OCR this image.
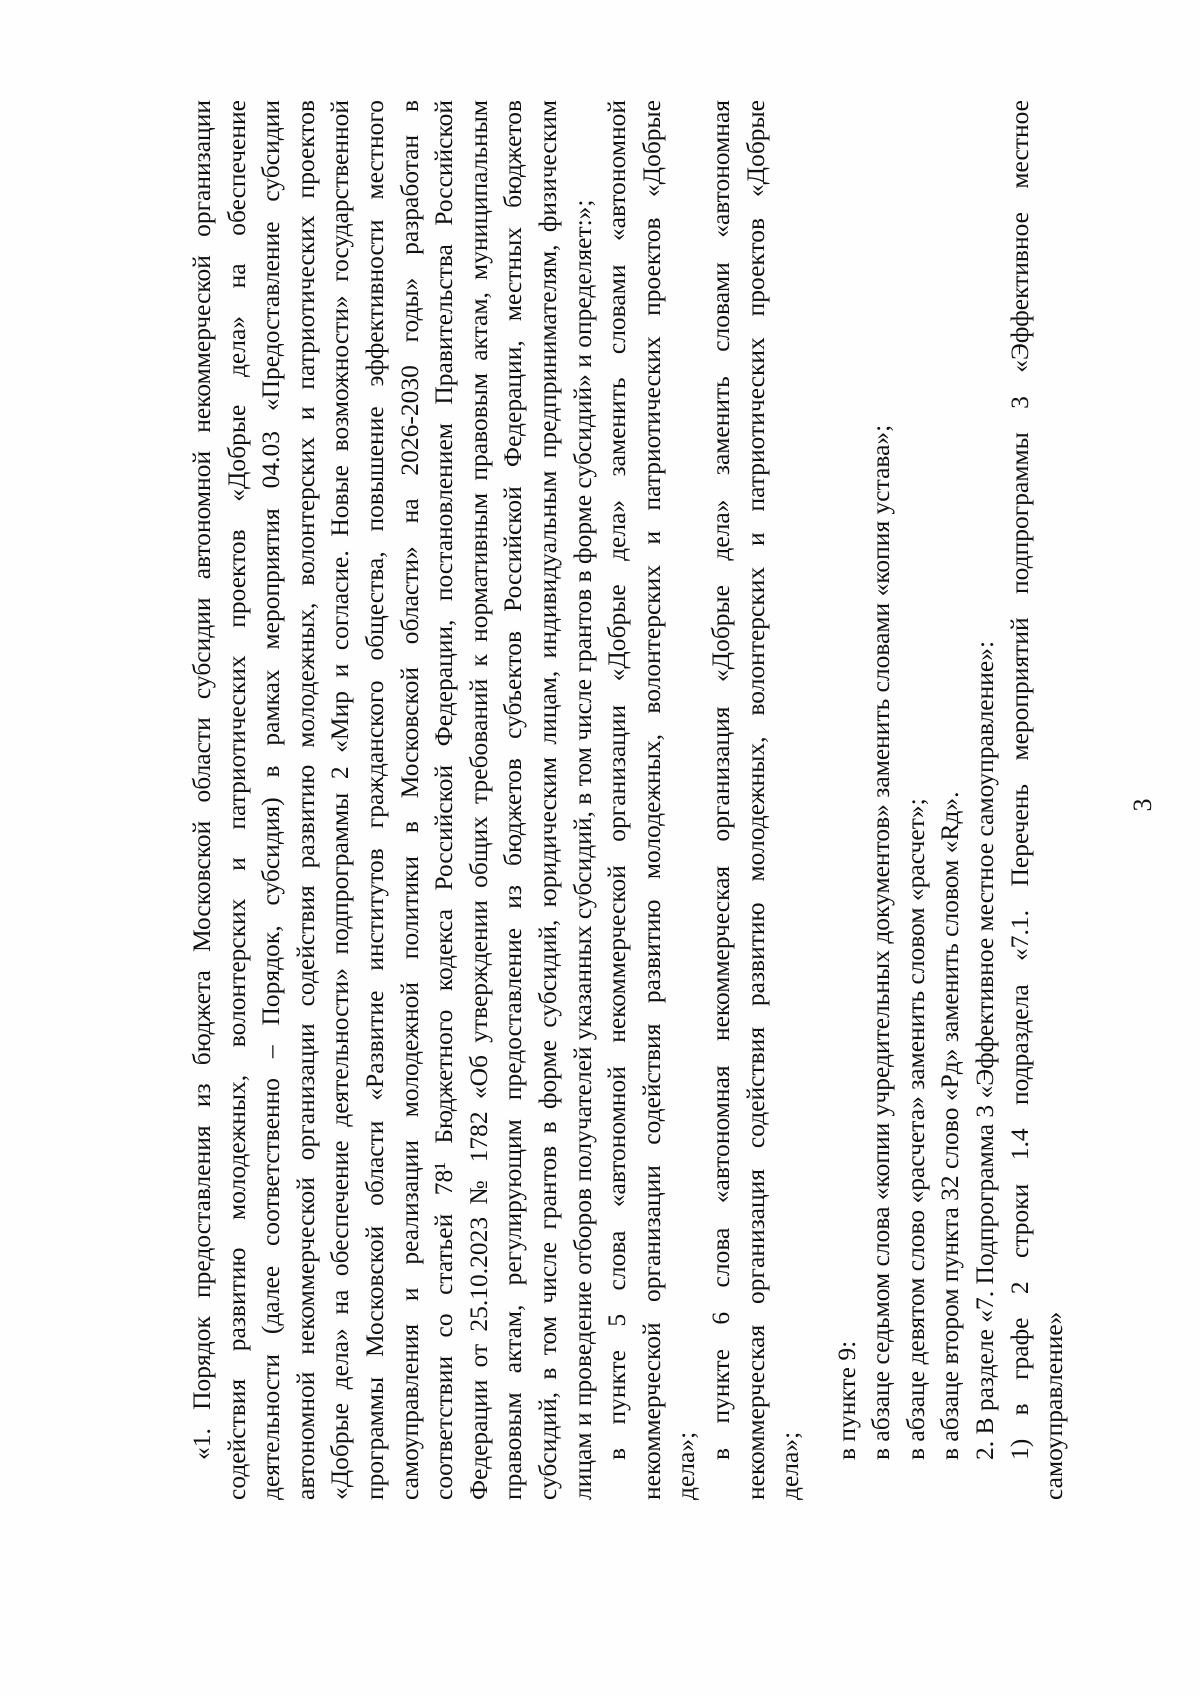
3
«1. Порядок предоставления из бюджета Московской области субсидии автономной некоммерческой организации содействия развитию молодежных, волонтерских и патриотических проектов «Добрые дела» на обеспечение деятельности (далее соответственно – Порядок, субсидия) в рамках мероприятия 04.03 «Предоставление субсидии автономной некоммерческой организации содействия развитию молодежных, волонтерских и патриотических проектов «Добрые дела» на обеспечение деятельности» подпрограммы 2 «Мир и согласие. Новые возможности» государственной программы Московской области «Развитие институтов гражданского общества, повышение эффективности местного самоуправления и реализации молодежной политики в Московской области» на 2026-2030 годы» разработан в соответствии со статьей 78¹ Бюджетного кодекса Российской Федерации, постановлением Правительства Российской Федерации от 25.10.2023 № 1782 «Об утверждении общих требований к нормативным правовым актам, муниципальным правовым актам, регулирующим предоставление из бюджетов субъектов Российской Федерации, местных бюджетов субсидий, в том числе грантов в форме субсидий, юридическим лицам, индивидуальным предпринимателям, физическим лицам и проведение отборов получателей указанных субсидий, в том числе грантов в форме субсидий» и определяет:»; в пункте 5 слова «автономной некоммерческой организации «Добрые дела» заменить словами «автономной некоммерческой организации содействия развитию молодежных, волонтерских и патриотических проектов «Добрые дела»;
в пункте 6 слова «автономная некоммерческая организация «Добрые дела» заменить словами «автономная некоммерческая организация содействия развитию молодежных, волонтерских и патриотических проектов «Добрые дела»;
в пункте 9: в абзаце седьмом слова «копии учредительных документов» заменить словами «копия устава»; в абзаце девятом слово «расчета» заменить словом «расчет»; в абзаце втором пункта 32 слово «Pд» заменить словом «Rд». 2. В разделе «7. Подпрограмма 3 «Эффективное местное самоуправление»: 1) в графе 2 строки 1.4 подраздела «7.1. Перечень мероприятий подпрограммы 3 «Эффективное местное самоуправление»
